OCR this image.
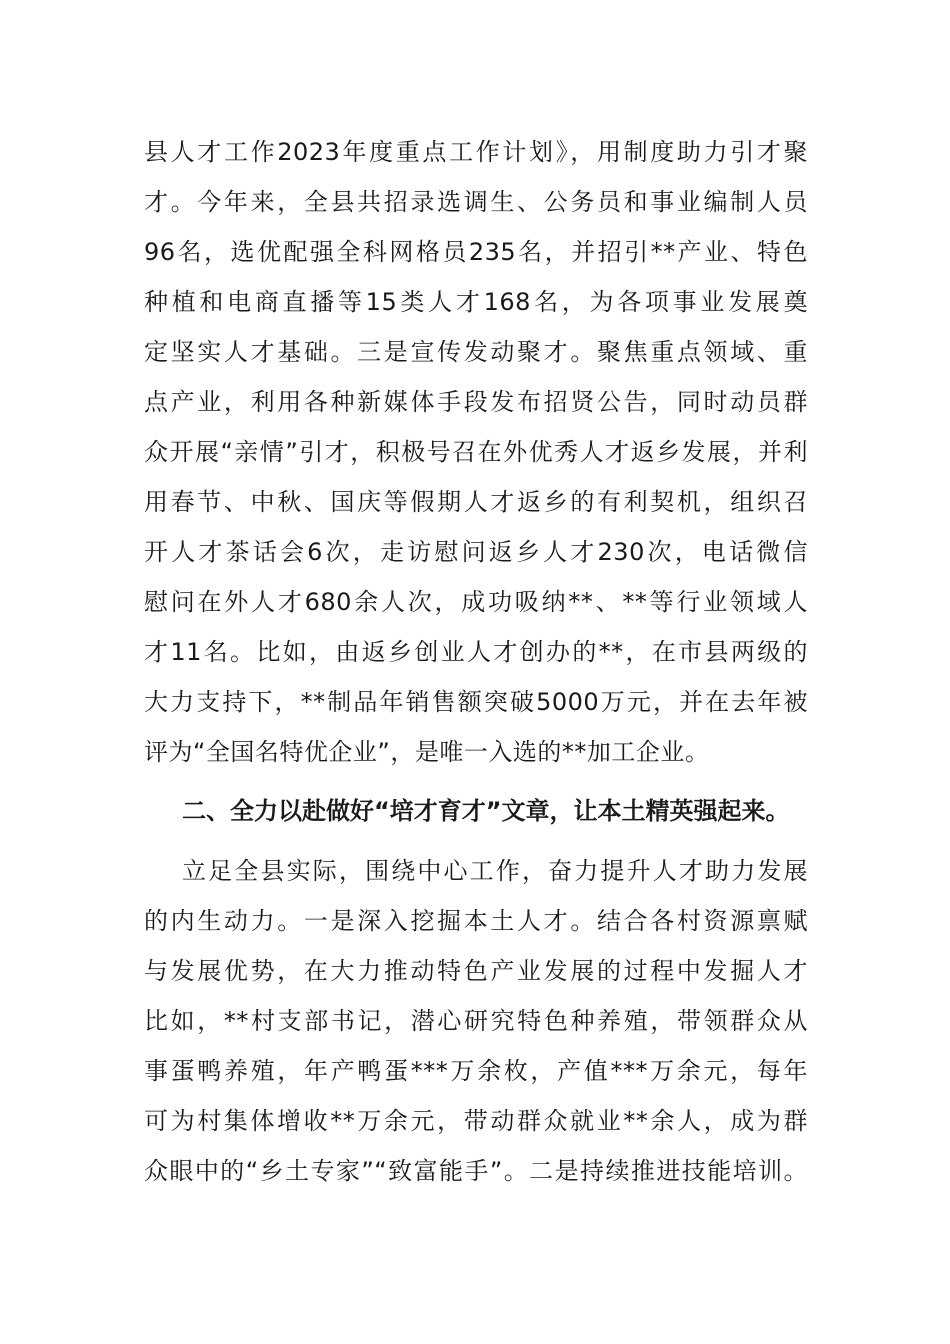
县人才工作2023年度重点工作计划》，用制度助力引才聚
才。今年来，全县共招录选调生、公务员和事业编制人员
96名，选优配强全科网格员235名，并招引**产业、特色
种植和电商直播等15类人才168名，为各项事业发展奠
定坚实人才基础。三是宣传发动聚才。聚焦重点领域、重
点产业，利用各种新媒体手段发布招贤公告，同时动员群
众开展“亲情”引才，积极号召在外优秀人才返乡发展，并利
用春节、中秋、国庆等假期人才返乡的有利契机，组织召
开人才茶话会6次，走访慰问返乡人才230次，电话微信
慰问在外人才680余人次，成功吸纳**、**等行业领域人
才11名。比如，由返乡创业人才创办的**，在市县两级的
大力支持下，**制品年销售额突破5000万元，并在去年被
评为“全国名特优企业”，是唯一入选的**加工企业。
二、全力以赴做好“培才育才”文章，让本土精英强起来。
立足全县实际，围绕中心工作，奋力提升人才助力发展
的内生动力。一是深入挖掘本土人才。结合各村资源禀赋
与发展优势，在大力推动特色产业发展的过程中发掘人才
比如，**村支部书记，潜心研究特色种养殖，带领群众从
事蛋鸭养殖，年产鸭蛋***万余枚，产值***万余元，每年
可为村集体增收**万余元，带动群众就业**余人，成为群
众眼中的“乡土专家”“致富能手”。二是持续推进技能培训。
